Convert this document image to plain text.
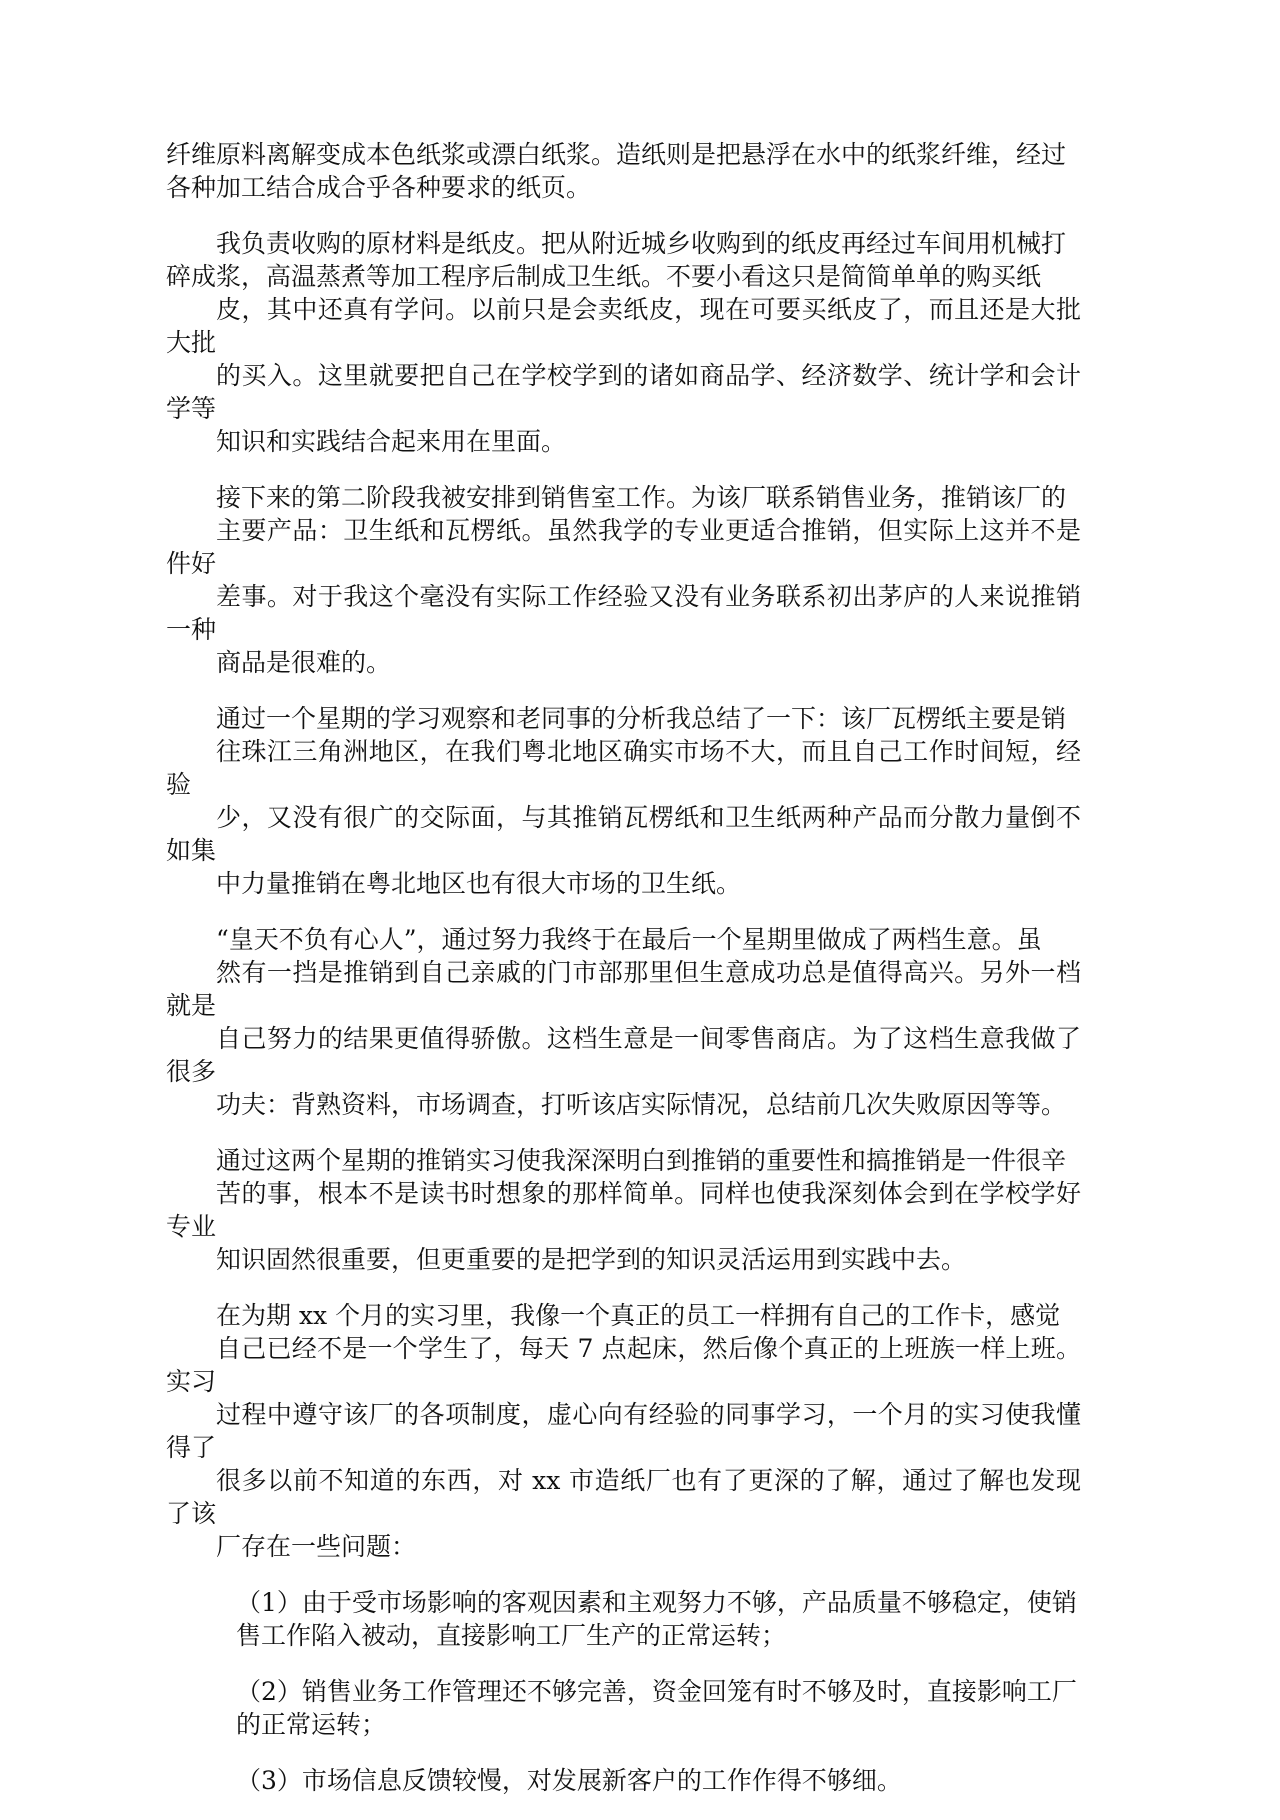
纤维原料离解变成本色纸浆或漂白纸浆。造纸则是把悬浮在水中的纸浆纤维，经过
各种加工结合成合乎各种要求的纸页。

我负责收购的原材料是纸皮。把从附近城乡收购到的纸皮再经过车间用机械打
碎成浆，高温蒸煮等加工程序后制成卫生纸。不要小看这只是简简单单的购买纸
皮，其中还真有学问。以前只是会卖纸皮，现在可要买纸皮了，而且还是大批大批
的买入。这里就要把自己在学校学到的诸如商品学、经济数学、统计学和会计学等
知识和实践结合起来用在里面。

接下来的第二阶段我被安排到销售室工作。为该厂联系销售业务，推销该厂的
主要产品：卫生纸和瓦楞纸。虽然我学的专业更适合推销，但实际上这并不是件好
差事。对于我这个毫没有实际工作经验又没有业务联系初出茅庐的人来说推销一种
商品是很难的。

通过一个星期的学习观察和老同事的分析我总结了一下：该厂瓦楞纸主要是销
往珠江三角洲地区，在我们粤北地区确实市场不大，而且自己工作时间短，经验
少，又没有很广的交际面，与其推销瓦楞纸和卫生纸两种产品而分散力量倒不如集
中力量推销在粤北地区也有很大市场的卫生纸。

“皇天不负有心人”，通过努力我终于在最后一个星期里做成了两档生意。虽
然有一挡是推销到自己亲戚的门市部那里但生意成功总是值得高兴。另外一档就是
自己努力的结果更值得骄傲。这档生意是一间零售商店。为了这档生意我做了很多
功夫：背熟资料，市场调查，打听该店实际情况，总结前几次失败原因等等。

通过这两个星期的推销实习使我深深明白到推销的重要性和搞推销是一件很辛
苦的事，根本不是读书时想象的那样简单。同样也使我深刻体会到在学校学好专业
知识固然很重要，但更重要的是把学到的知识灵活运用到实践中去。

在为期 xx 个月的实习里，我像一个真正的员工一样拥有自己的工作卡，感觉
自己已经不是一个学生了，每天 7 点起床，然后像个真正的上班族一样上班。实习
过程中遵守该厂的各项制度，虚心向有经验的同事学习，一个月的实习使我懂得了
很多以前不知道的东西，对 xx 市造纸厂也有了更深的了解，通过了解也发现了该
厂存在一些问题：

（1）由于受市场影响的客观因素和主观努力不够，产品质量不够稳定，使销
售工作陷入被动，直接影响工厂生产的正常运转；

（2）销售业务工作管理还不够完善，资金回笼有时不够及时，直接影响工厂
的正常运转；

（3）市场信息反馈较慢，对发展新客户的工作作得不够细。
